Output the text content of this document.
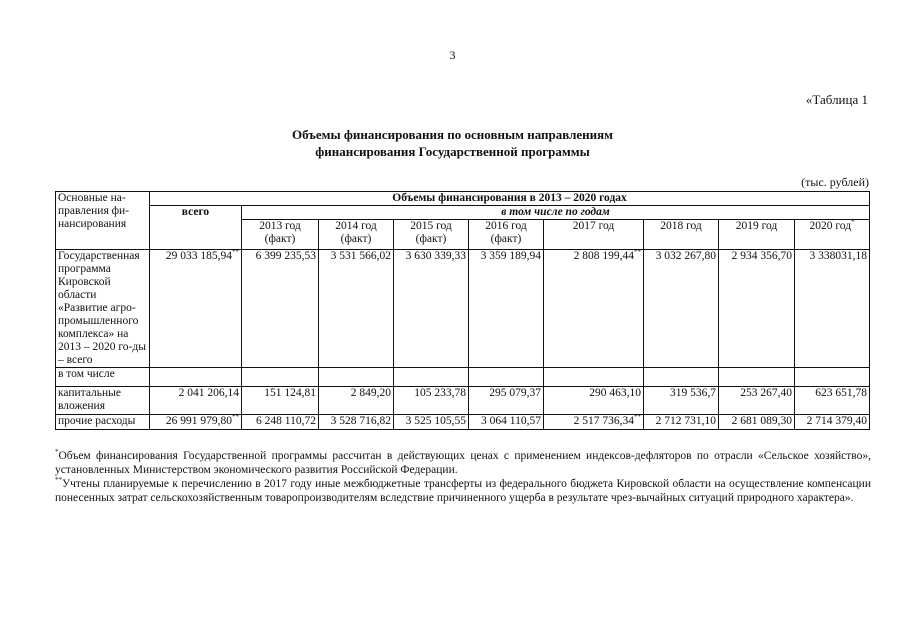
3
«Таблица 1
Объемы финансирования по основным направлениям
финансирования Государственной программы
(тыс. рублей)
Основные на-правления фи-нансирования	Объемы финансирования в 2013 – 2020 годах								
	всего	в том числе по годам							
		2013 год (факт)	2014 год (факт)	2015 год (факт)	2016 год (факт)	2017 год	2018 год	2019 год	2020 год*
Государственная программа Кировской области «Развитие агро-промышленного комплекса» на 2013 – 2020 го-ды – всего	29 033 185,94**	6 399 235,53	3 531 566,02	3 630 339,33	3 359 189,94	2 808 199,44**	3 032 267,80	2 934 356,70	3 338031,18
в том числе									
капитальные вложения	2 041 206,14	151 124,81	2 849,20	105 233,78	295 079,37	290 463,10	319 536,7	253 267,40	623 651,78
прочие расходы	26 991 979,80**	6 248 110,72	3 528 716,82	3 525 105,55	3 064 110,57	2 517 736,34**	2 712 731,10	2 681 089,30	2 714 379,40

*Объем финансирования Государственной программы рассчитан в действующих ценах с применением индексов-дефляторов по отрасли «Сельское хозяйство», установленных Министерством экономического развития Российской Федерации.

**Учтены планируемые к перечислению в 2017 году иные межбюджетные трансферты из федерального бюджета Кировской области на осуществление компенсации понесенных затрат сельскохозяйственным товаропроизводителям вследствие причиненного ущерба в результате чрез-вычайных ситуаций природного характера».
